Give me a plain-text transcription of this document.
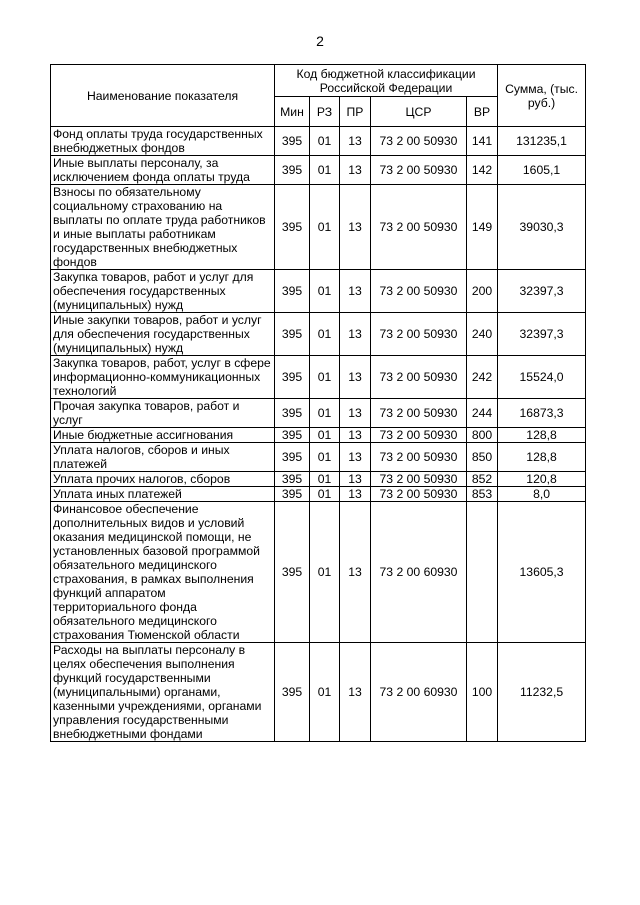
2
Наименование показателя	Код бюджетной классификации Российской Федерации					Сумма, (тыс. руб.)
	Мин	РЗ	ПР	ЦСР	ВР	
Фонд оплаты труда государственных внебюджетных фондов	395	01	13	73 2 00 50930	141	131235,1
Иные выплаты персоналу, за исключением фонда оплаты труда	395	01	13	73 2 00 50930	142	1605,1
Взносы по обязательному социальному страхованию на выплаты по оплате труда работников и иные выплаты работникам государственных внебюджетных фондов	395	01	13	73 2 00 50930	149	39030,3
Закупка товаров, работ и услуг для обеспечения государственных (муниципальных) нужд	395	01	13	73 2 00 50930	200	32397,3
Иные закупки товаров, работ и услуг для обеспечения государственных (муниципальных) нужд	395	01	13	73 2 00 50930	240	32397,3
Закупка товаров, работ, услуг в сфере информационно-коммуникационных технологий	395	01	13	73 2 00 50930	242	15524,0
Прочая закупка товаров, работ и услуг	395	01	13	73 2 00 50930	244	16873,3
Иные бюджетные ассигнования	395	01	13	73 2 00 50930	800	128,8
Уплата налогов, сборов и иных платежей	395	01	13	73 2 00 50930	850	128,8
Уплата прочих налогов, сборов	395	01	13	73 2 00 50930	852	120,8
Уплата иных платежей	395	01	13	73 2 00 50930	853	8,0
Финансовое обеспечение дополнительных видов и условий оказания медицинской помощи, не установленных базовой программой обязательного медицинского страхования, в рамках выполнения функций аппаратом территориального фонда обязательного медицинского страхования Тюменской области	395	01	13	73 2 00 60930		13605,3
Расходы на выплаты персоналу в целях обеспечения выполнения функций государственными (муниципальными) органами, казенными учреждениями, органами управления государственными внебюджетными фондами	395	01	13	73 2 00 60930	100	11232,5
